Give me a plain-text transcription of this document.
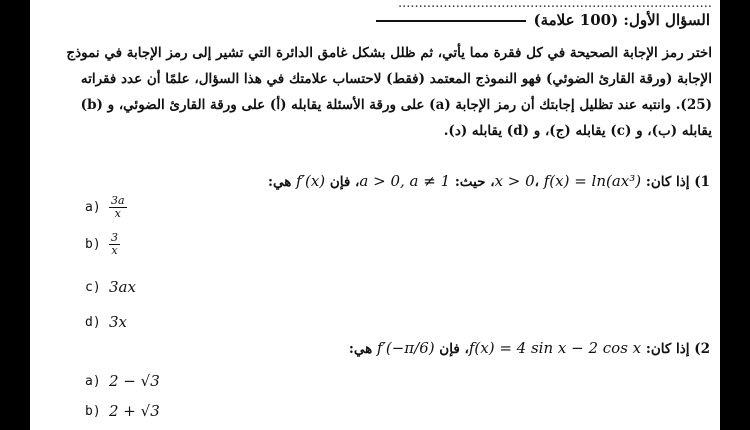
............................................................................
السؤال الأول: (100 علامة)

اختر رمز الإجابة الصحيحة في كل فقرة مما يأتي، ثم ظلل بشكل غامق الدائرة التي تشير إلى رمز الإجابة في نموذج

الإجابة (ورقة القارئ الضوئي) فهو النموذج المعتمد (فقط) لاحتساب علامتك في هذا السؤال، علمًا أن عدد فقراته

(25). وانتبه عند تظليل إجابتك أن رمز الإجابة (a) على ورقة الأسئلة يقابله (أ) على ورقة القارئ الضوئي، و (b)

يقابله (ب)، و (c) يقابله (ج)، و (d) يقابله (د).

1) إذا كان: x > 0، f(x) = ln(ax³)، حيث: a > 0, a ≠ 1، فإن f′(x) هي:
$a) \frac{3a}{x}$
$b) \frac{3}{x}$
c) 3ax
d) 3x
2) إذا كان: f(x) = 4 sin x − 2 cos x، فإن f′(−π/6) هي:
a) 2 − √3
b) 2 + √3
